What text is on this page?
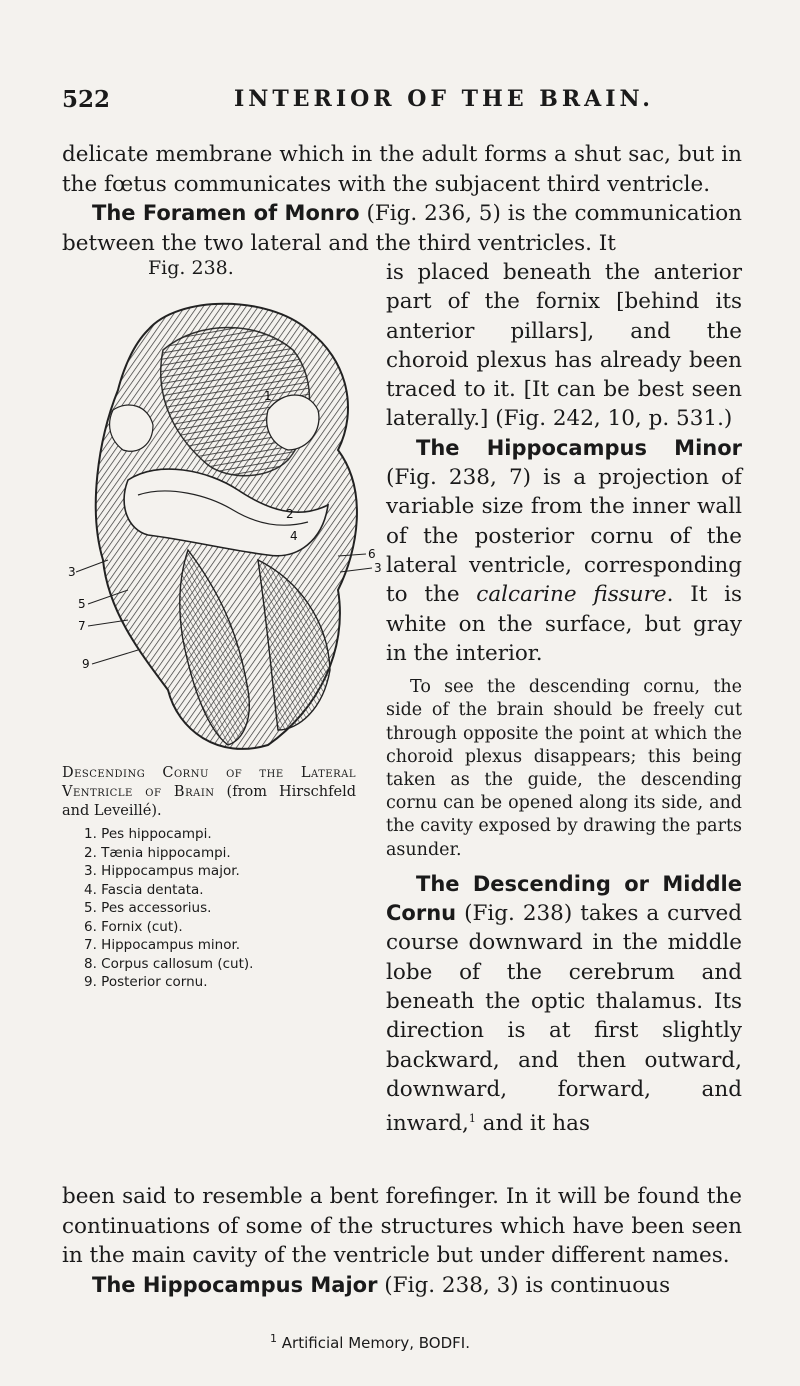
522	INTERIOR OF THE BRAIN.

delicate membrane which in the adult forms a shut sac, but in the fœtus communicates with the subjacent third ventricle.

The Foramen of Monro (Fig. 236, 5) is the communication between the two lateral and the third ventricles. It

Fig. 238.	is placed beneath the anterior part of the fornix [behind its anterior pillars], and the choroid plexus has already been traced to it. [It can be best seen laterally.] (Fig. 242, 10, p. 531.)

The Hippocampus Minor (Fig. 238, 7) is a projection of variable size from the inner wall of the posterior cornu of the lateral ventricle, corresponding to the calcarine fissure. It is white on the surface, but gray in the interior.

To see the descending cornu, the side of the brain should be freely cut through opposite the point at which the choroid plexus disappears; this being taken as the guide, the descending cornu can be opened along its side, and the cavity exposed by drawing the parts asunder.

The Descending or Middle Cornu (Fig. 238) takes a curved course downward in the middle lobe of the cerebrum and beneath the optic thalamus. Its direction is at first slightly backward, and then outward, downward, forward, and inward,$^1$ and it has

1
2
4
6
3	3
5
7
9
Descending Cornu of the Lateral Ventricle of Brain (from Hirschfeld and Leveillé).
1. Pes hippocampi.
2. Tænia hippocampi.
3. Hippocampus major.
4. Fascia dentata.
5. Pes accessorius.
6. Fornix (cut).
7. Hippocampus minor.
8. Corpus callosum (cut).
9. Posterior cornu.

been said to resemble a bent forefinger. In it will be found the continuations of some of the structures which have been seen in the main cavity of the ventricle but under different names.

The Hippocampus Major (Fig. 238, 3) is continuous

$^1$ Artificial Memory, BODFI.
